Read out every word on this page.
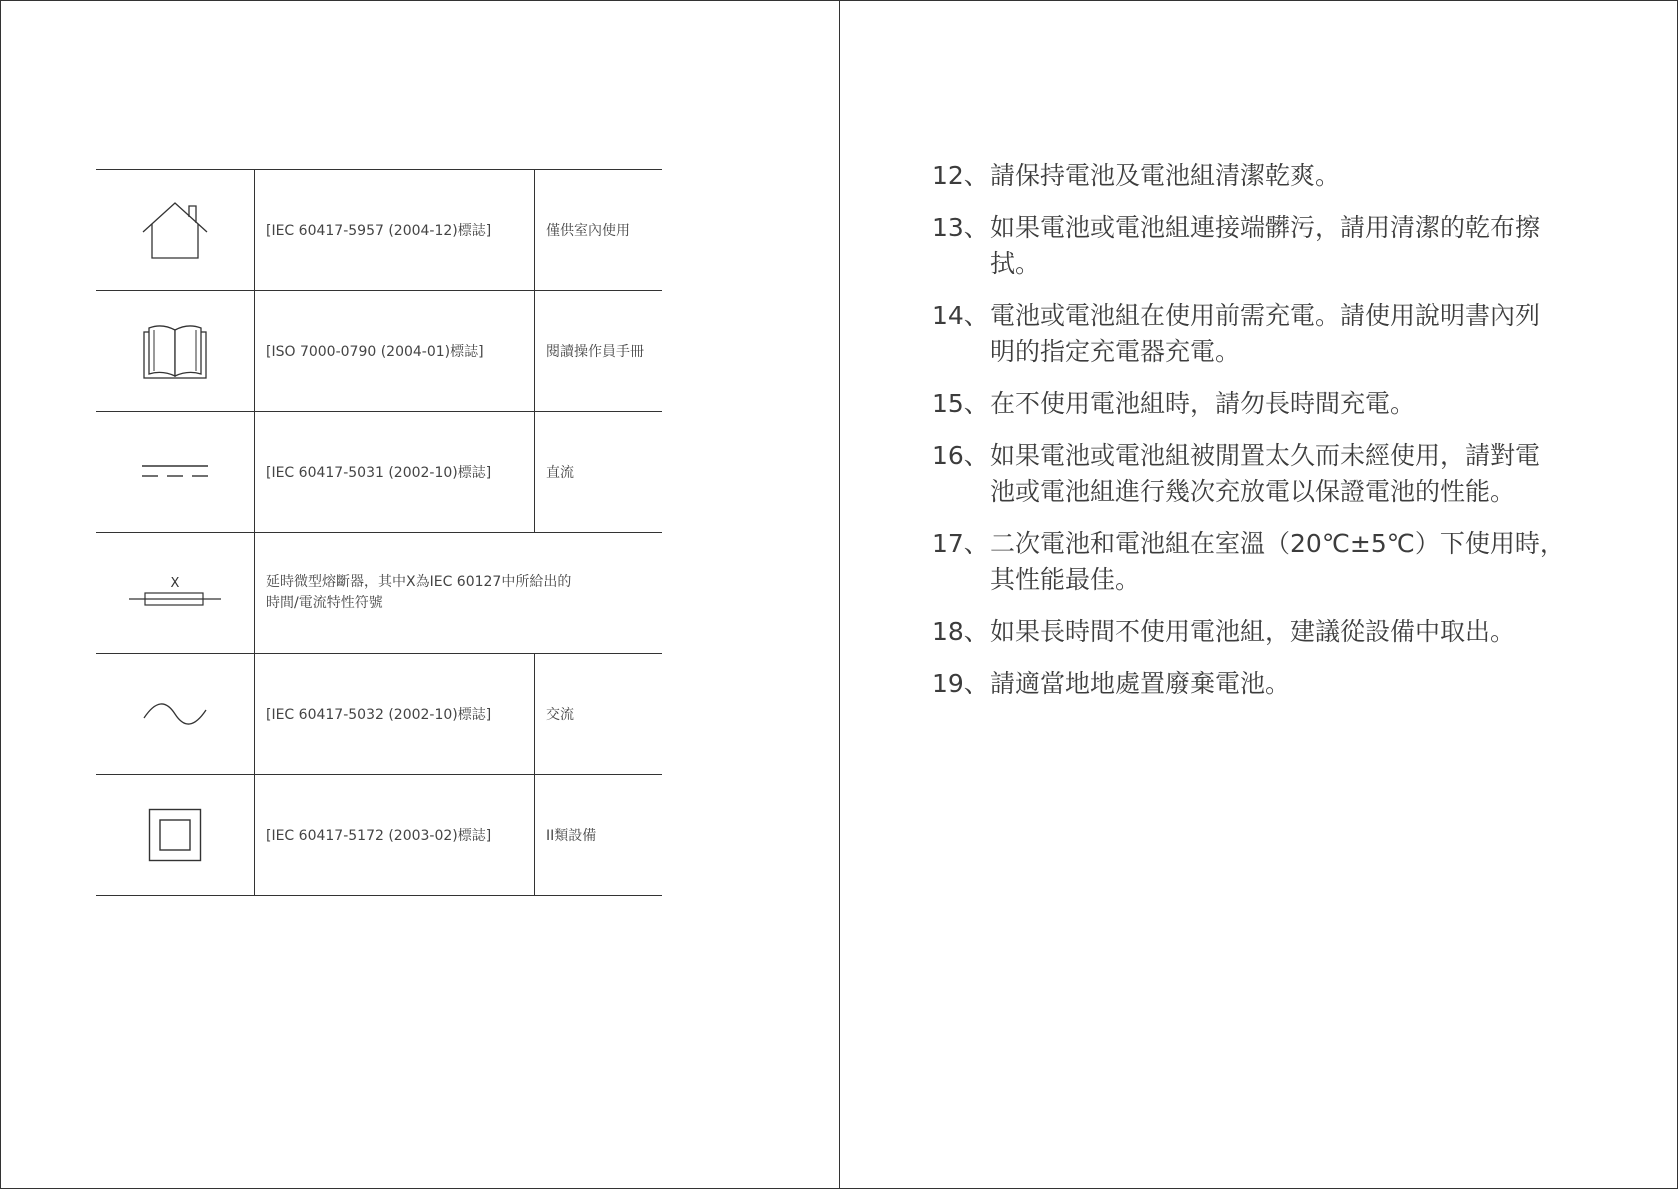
	[IEC 60417-5957 (2004-12)標誌]	僅供室內使用

	[ISO 7000-0790 (2004-01)標誌]	閱讀操作員手冊

	[IEC 60417-5031 (2002-10)標誌]	直流

X	延時微型熔斷器，其中X為IEC 60127中所給出的
時間/電流特性符號	

	[IEC 60417-5032 (2002-10)標誌]	交流

	[IEC 60417-5172 (2003-02)標誌]	II類設備
12、 請保持電池及電池組清潔乾爽。
13、 如果電池或電池組連接端髒污，請用清潔的乾布擦
拭。
14、 電池或電池組在使用前需充電。請使用說明書內列
明的指定充電器充電。
15、 在不使用電池組時，請勿長時間充電。
16、 如果電池或電池組被閒置太久而未經使用，請對電
池或電池組進行幾次充放電以保證電池的性能。
17、 二次電池和電池組在室溫（20℃±5℃）下使用時，
其性能最佳。
18、 如果長時間不使用電池組，建議從設備中取出。
19、 請適當地地處置廢棄電池。
